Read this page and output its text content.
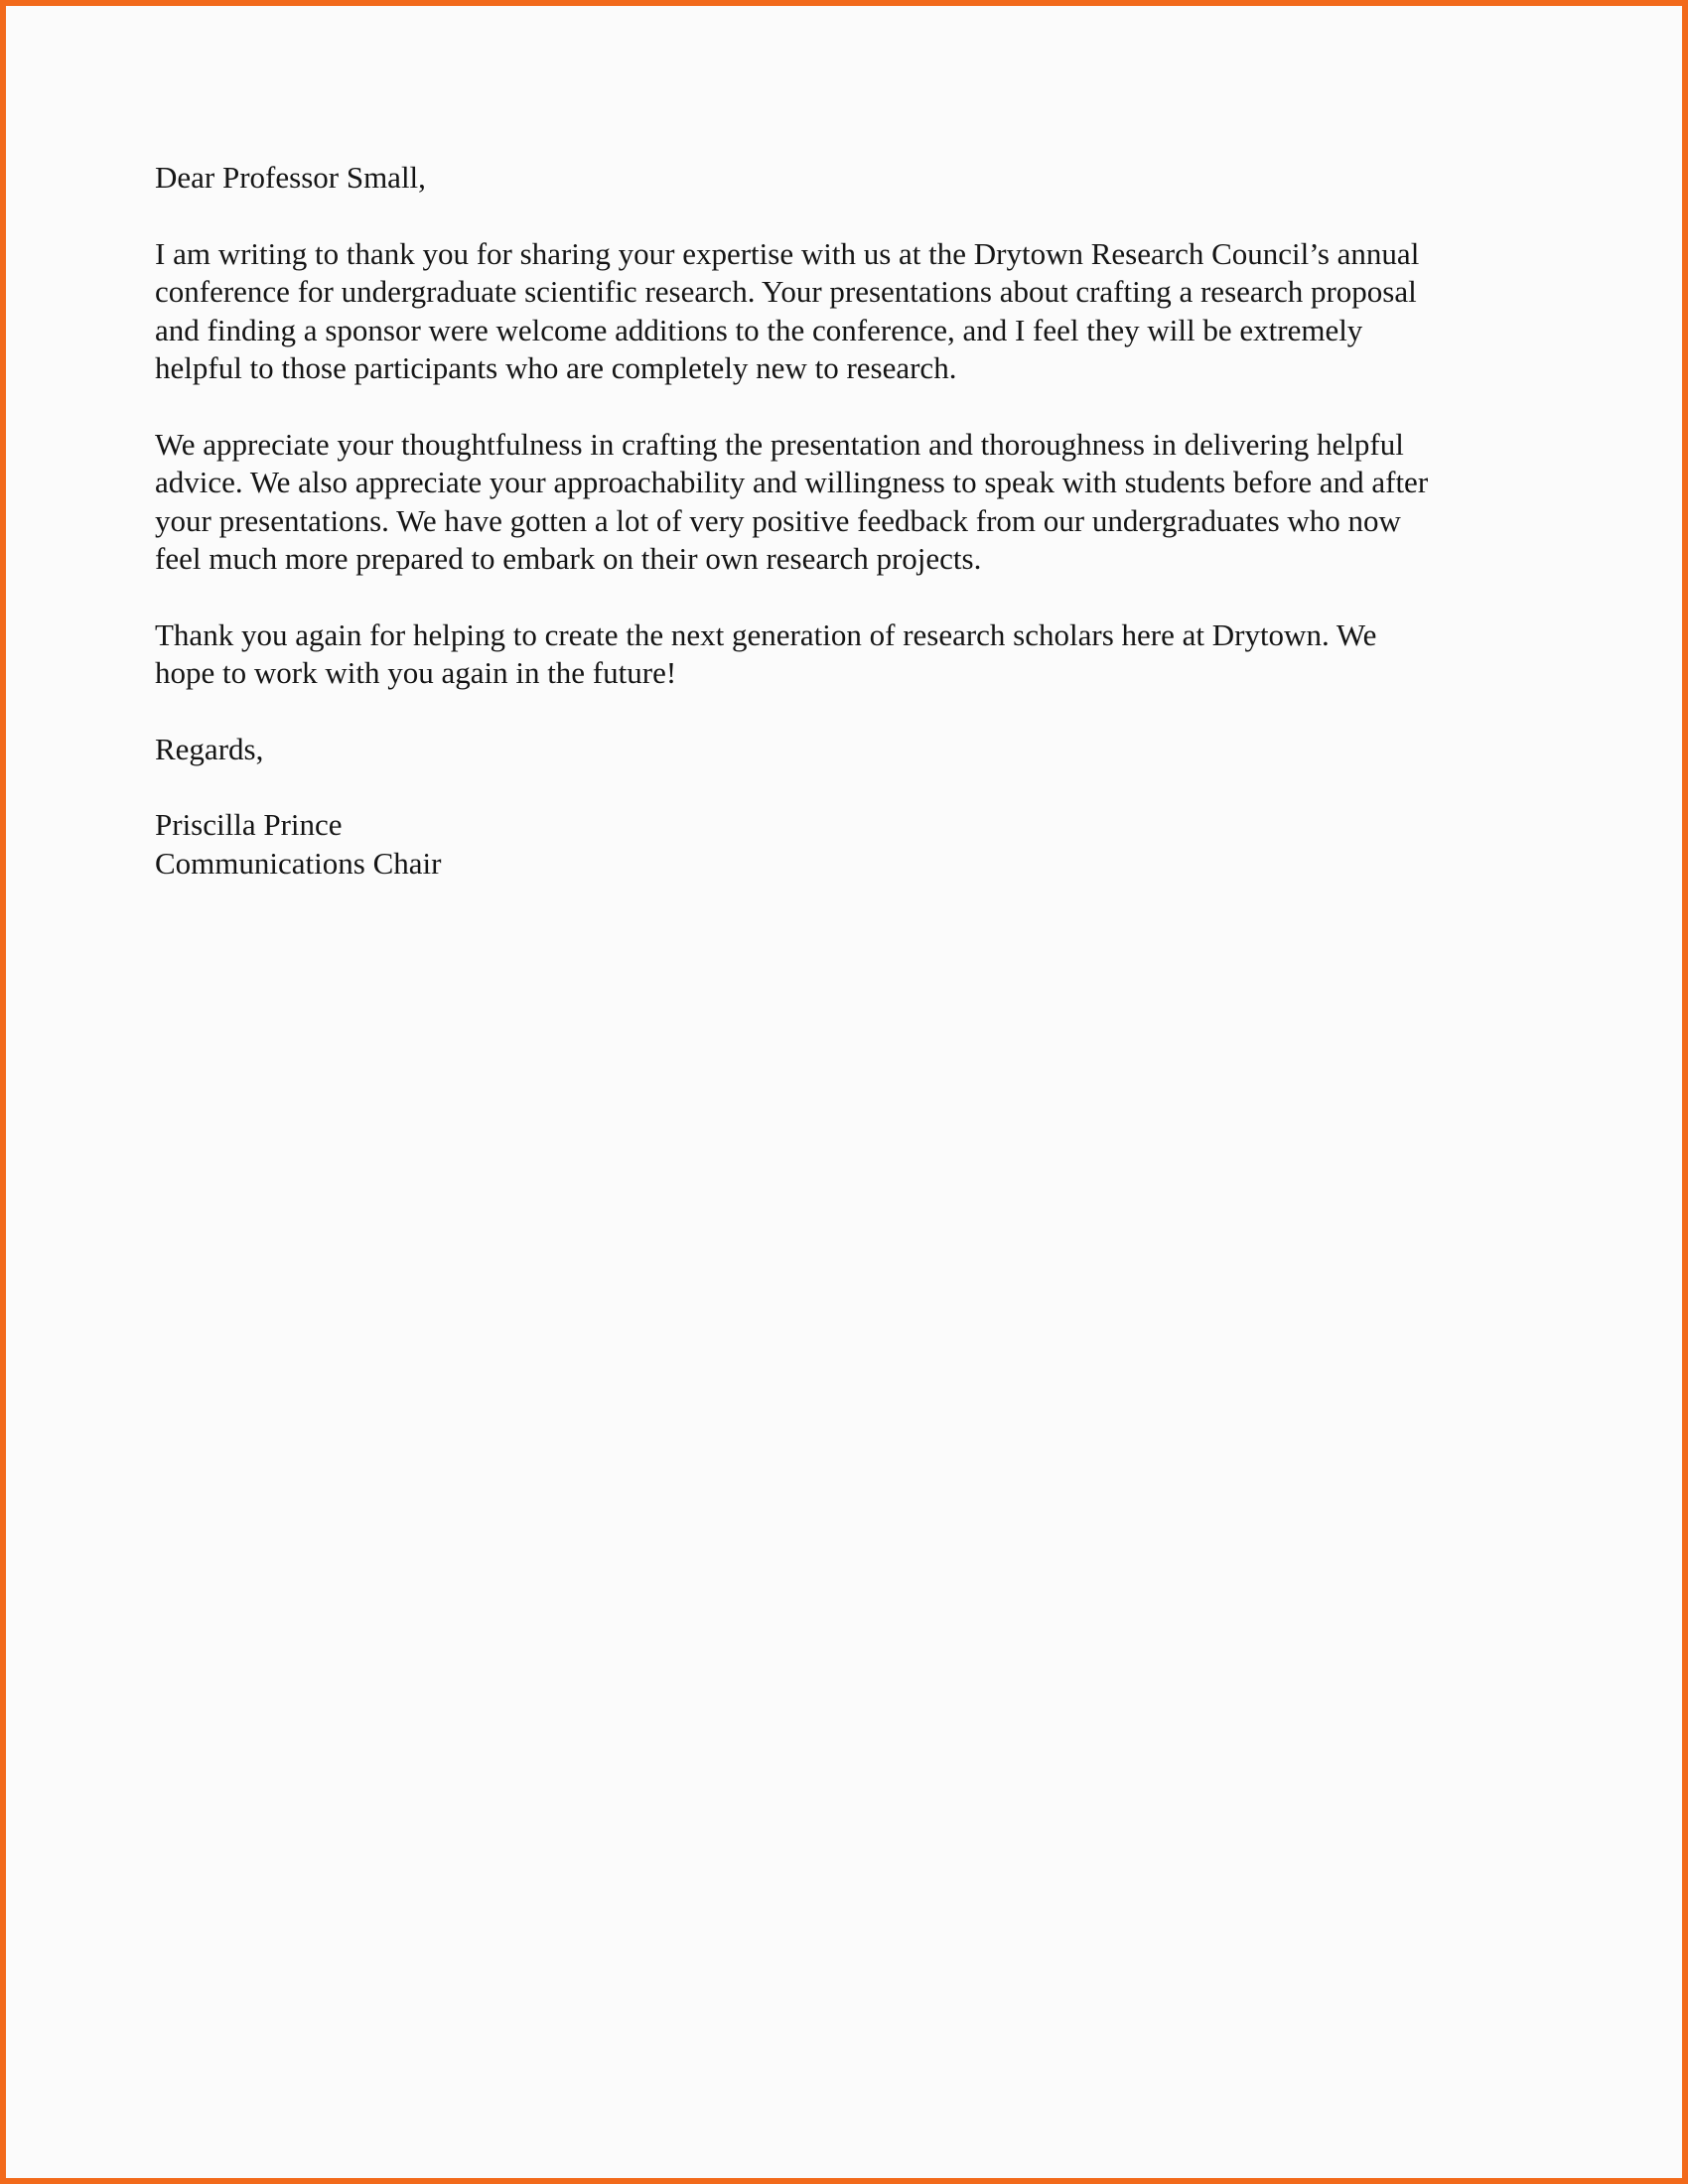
Dear Professor Small,

I am writing to thank you for sharing your expertise with us at the Drytown Research Council’s annual
conference for undergraduate scientific research. Your presentations about crafting a research proposal
and finding a sponsor were welcome additions to the conference, and I feel they will be extremely
helpful to those participants who are completely new to research.

We appreciate your thoughtfulness in crafting the presentation and thoroughness in delivering helpful
advice. We also appreciate your approachability and willingness to speak with students before and after
your presentations. We have gotten a lot of very positive feedback from our undergraduates who now
feel much more prepared to embark on their own research projects.

Thank you again for helping to create the next generation of research scholars here at Drytown. We
hope to work with you again in the future!

Regards,

Priscilla Prince
Communications Chair
